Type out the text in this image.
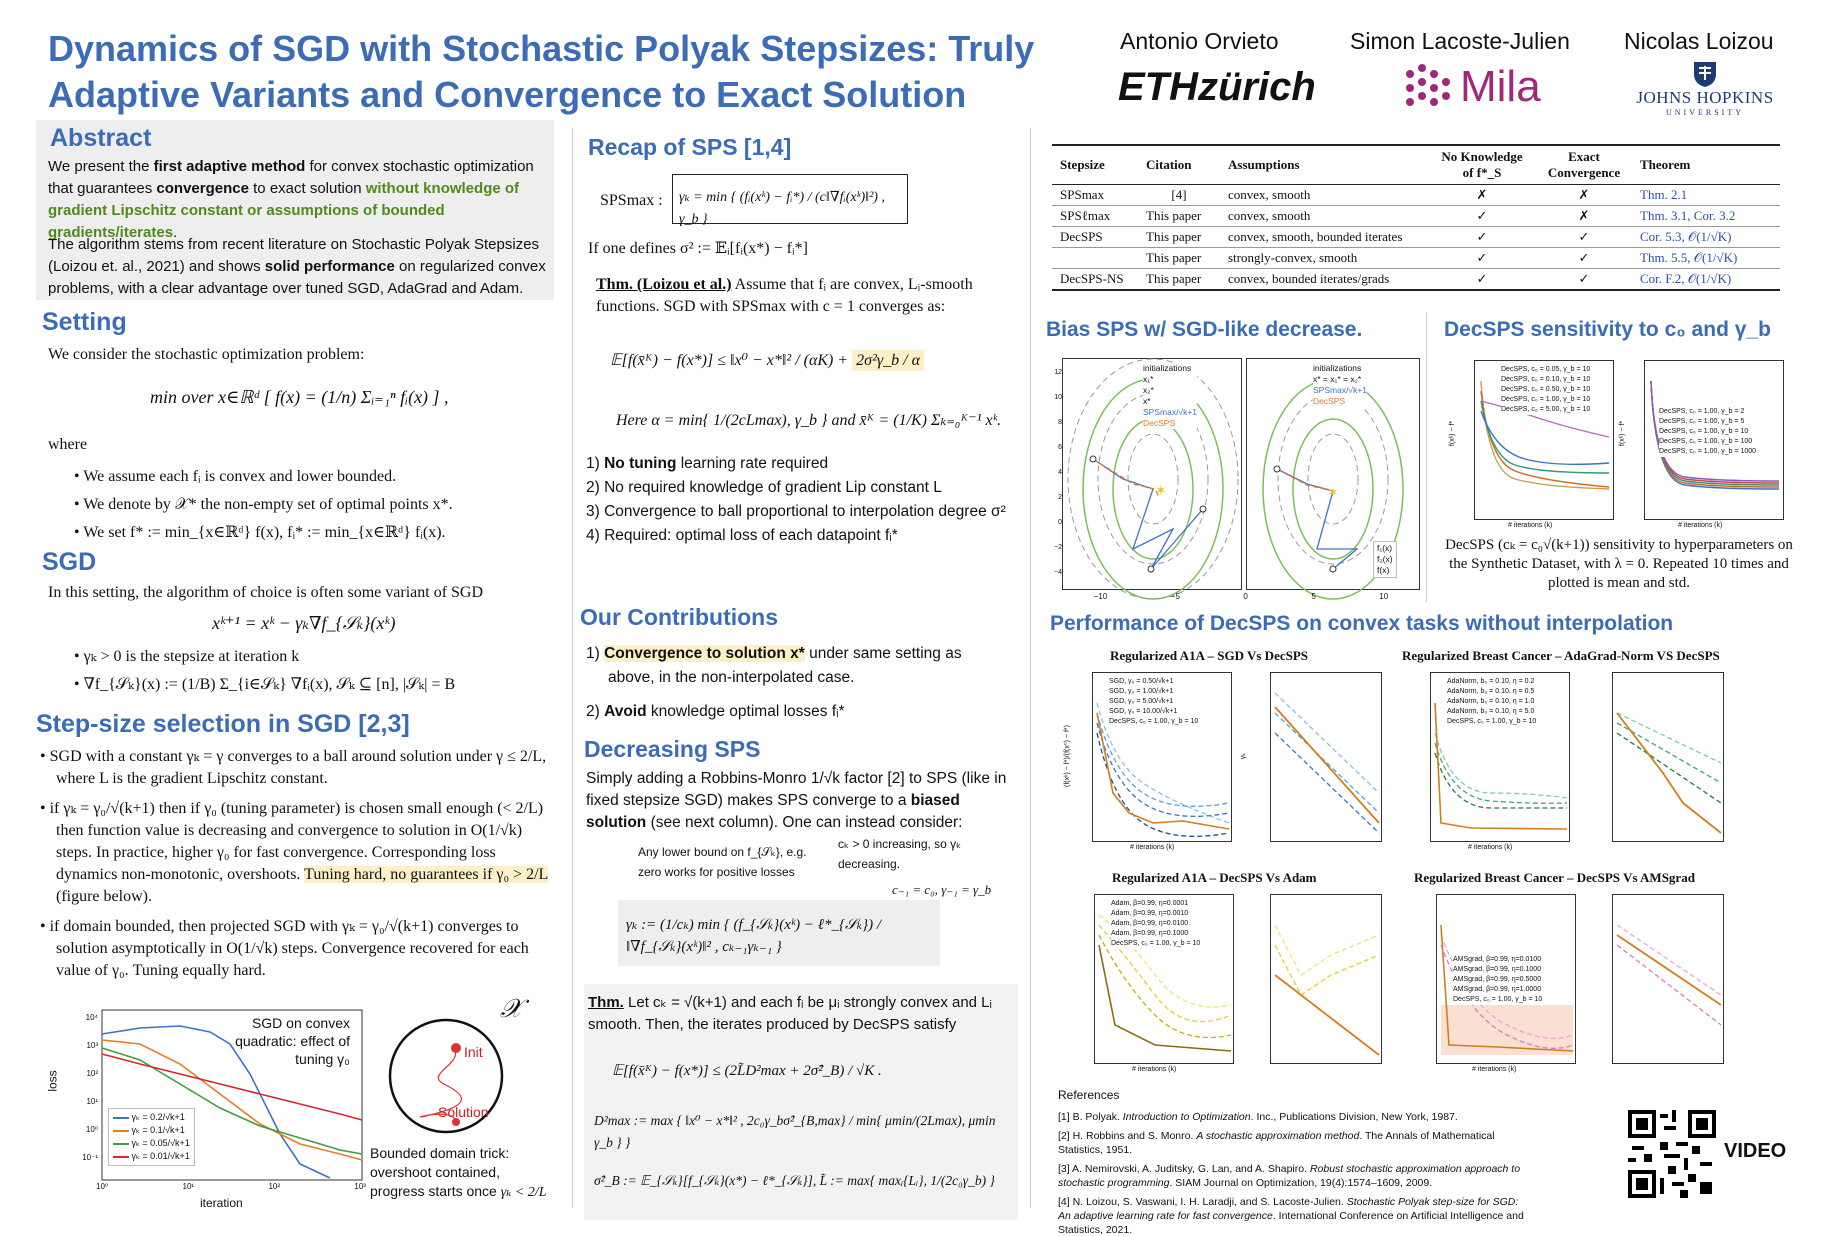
Dynamics of SGD with Stochastic Polyak Stepsizes: Truly
Adaptive Variants and Convergence to Exact Solution
Antonio Orvieto	Simon Lacoste-Julien Nicolas Loizou
ETHzürich	Mila	JOHNS HOPKINS
UNIVERSITY
Abstract
We present the first adaptive method for convex stochastic optimization that guarantees convergence to exact solution without knowledge of gradient Lipschitz constant or assumptions of bounded gradients/iterates.
The algorithm stems from recent literature on Stochastic Polyak Stepsizes (Loizou et. al., 2021) and shows solid performance on regularized convex problems, with a clear advantage over tuned SGD, AdaGrad and Adam.
Setting
We consider the stochastic optimization problem:
min over x∈ℝᵈ [ f(x) = (1/n) Σᵢ₌₁ⁿ fᵢ(x) ] ,
where
• We assume each fᵢ is convex and lower bounded.
• We denote by 𝒳* the non-empty set of optimal points x*.
• We set f* := min_{x∈ℝᵈ} f(x), fᵢ* := min_{x∈ℝᵈ} fᵢ(x).
SGD
In this setting, the algorithm of choice is often some variant of SGD
xᵏ⁺¹ = xᵏ − γₖ∇f_{𝒮ₖ}(xᵏ)
• γₖ > 0 is the stepsize at iteration k
• ∇f_{𝒮ₖ}(x) := (1/B) Σ_{i∈𝒮ₖ} ∇fᵢ(x), 𝒮ₖ ⊆ [n], |𝒮ₖ| = B
Step-size selection in SGD [2,3]
• SGD with a constant γₖ = γ converges to a ball around solution under γ ≤ 2/L, where L is the gradient Lipschitz constant.
• if γₖ = γ₀/√(k+1) then if γ₀ (tuning parameter) is chosen small enough (< 2/L) then function value is decreasing and convergence to solution in O(1/√k) steps. In practice, higher γ₀ for fast convergence. Corresponding loss dynamics non-monotonic, overshoots. Tuning hard, no guarantees if γ₀ > 2/L (figure below).
• if domain bounded, then projected SGD with γₖ = γ₀/√(k+1) converges to solution asymptotically in O(1/√k) steps. Convergence recovered for each value of γ₀. Tuning equally hard.
loss
iteration
10⁴
10³
10²
10¹
10⁰
10⁻¹
10⁰	10¹	10²	10³
SGD on convex quadratic: effect of tuning γ₀
γₖ = 0.2/√k+1
γₖ = 0.1/√k+1
γₖ = 0.05/√k+1
γₖ = 0.01/√k+1
𝒳
Init
Solution
Bounded domain trick: overshoot contained, progress starts once γₖ < 2/L
Recap of SPS [1,4]
SPSmax :	γₖ = min { (fᵢ(xᵏ) − fᵢ*) / (c‖∇fᵢ(xᵏ)‖²) , γ_b }
If one defines σ² := 𝔼ᵢ[fᵢ(x*) − fᵢ*]
Thm. (Loizou et al.) Assume that fᵢ are convex, Lᵢ-smooth functions. SGD with SPSmax with c = 1 converges as:
𝔼[f(x̄ᴷ) − f(x*)] ≤ ‖x⁰ − x*‖² / (αK) + 2σ²γ_b / α
Here α = min{ 1/(2cLmax), γ_b } and x̄ᴷ = (1/K) Σₖ₌₀ᴷ⁻¹ xᵏ.
1) No tuning learning rate required
2) No required knowledge of gradient Lip constant L
3) Convergence to ball proportional to interpolation degree σ²
4) Required: optimal loss of each datapoint fᵢ*
Our Contributions
1) Convergence to solution x* under same setting as above, in the non-interpolated case.
2) Avoid knowledge optimal losses fᵢ*
Decreasing SPS
Simply adding a Robbins-Monro 1/√k factor [2] to SPS (like in fixed stepsize SGD) makes SPS converge to a biased solution (see next column). One can instead consider:
Any lower bound on f_{𝒮ₖ}, e.g. zero works for positive losses
cₖ > 0 increasing, so γₖ decreasing.
c₋₁ = c₀, γ₋₁ = γ_b
γₖ := (1/cₖ) min { (f_{𝒮ₖ}(xᵏ) − ℓ*_{𝒮ₖ}) / ‖∇f_{𝒮ₖ}(xᵏ)‖² , cₖ₋₁γₖ₋₁ }
Thm. Let cₖ = √(k+1) and each fᵢ be μᵢ strongly convex and Lᵢ smooth. Then, the iterates produced by DecSPS satisfy
𝔼[f(x̄ᴷ) − f(x*)] ≤ (2L̃D²max + 2σ̂²_B) / √K .
D²max := max { ‖x⁰ − x*‖² , 2c₀γ_bσ̂²_{B,max} / min{ μmin/(2Lmax), μmin γ_b } }
σ̂²_B := 𝔼_{𝒮ₖ}[f_{𝒮ₖ}(x*) − ℓ*_{𝒮ₖ}], L̃ := max{ maxᵢ{Lᵢ}, 1/(2c₀γ_b) }
Stepsize	Citation	Assumptions	No Knowledge of f*_S	Exact Convergence	Theorem
SPSmax	[4]	convex, smooth	✗	✗	Thm. 2.1
SPSℓmax	This paper	convex, smooth	✓	✗	Thm. 3.1, Cor. 3.2
DecSPS	This paper	convex, smooth, bounded iterates	✓	✓	Cor. 5.3, 𝒪(1/√K)
	This paper	strongly-convex, smooth	✓	✓	Thm. 5.5, 𝒪(1/√K)
DecSPS-NS	This paper	convex, bounded iterates/grads	✓	✓	Cor. F.2, 𝒪(1/√K)
Bias SPS w/ SGD-like decrease.
✶
initializations
x₁*
x₂*
x*
SPSmax/√k+1
DecSPS
✶
initializations
x* = x₁* = x₂*
SPSmax/√k+1
DecSPS
f₁(x)
f₂(x)
f(x)
−10	−5	0	5	10
12
10
8
6
4
2
0
−2
−4
DecSPS sensitivity to c₀ and γ_b
DecSPS, c₀ = 0.05, γ_b = 10
DecSPS, c₀ = 0.10, γ_b = 10
DecSPS, c₀ = 0.50, γ_b = 10
DecSPS, c₀ = 1.00, γ_b = 10
DecSPS, c₀ = 5.00, γ_b = 10	DecSPS, c₀ = 1.00, γ_b = 2
DecSPS, c₀ = 1.00, γ_b = 5
DecSPS, c₀ = 1.00, γ_b = 10
DecSPS, c₀ = 1.00, γ_b = 100
DecSPS, c₀ = 1.00, γ_b = 1000
# iterations (k)	# iterations (k)
f(xᵏ) − f*	f(xᵏ) − f*
DecSPS (cₖ = c₀√(k+1)) sensitivity to hyperparameters on the Synthetic Dataset, with λ = 0. Repeated 10 times and plotted is mean and std.
Performance of DecSPS on convex tasks without interpolation
Regularized A1A – SGD Vs DecSPS	Regularized Breast Cancer – AdaGrad-Norm VS DecSPS
Regularized A1A – DecSPS Vs Adam	Regularized Breast Cancer – DecSPS Vs AMSgrad
SGD, γ₀ = 0.50/√k+1
SGD, γ₀ = 1.00/√k+1
SGD, γ₀ = 5.00/√k+1
SGD, γ₀ = 10.00/√k+1
DecSPS, c₀ = 1.00, γ_b = 10
AdaNorm, b₀ = 0.10, η = 0.2
AdaNorm, b₀ = 0.10, η = 0.5
AdaNorm, b₀ = 0.10, η = 1.0
AdaNorm, b₀ = 0.10, η = 5.0
DecSPS, c₀ = 1.00, γ_b = 10
Adam, β=0.99, η=0.0001
Adam, β=0.99, η=0.0010
Adam, β=0.99, η=0.0100
Adam, β=0.99, η=0.1000
DecSPS, c₀ = 1.00, γ_b = 10
AMSgrad, β=0.99, η=0.0100
AMSgrad, β=0.99, η=0.1000
AMSgrad, β=0.99, η=0.5000
AMSgrad, β=0.99, η=1.0000
DecSPS, c₀ = 1.00, γ_b = 10
# iterations (k)	# iterations (k)
# iterations (k)	# iterations (k)
γₖ
(f(xᵏ) − f*)/(f(x⁰) − f*)
References
[1] B. Polyak. Introduction to Optimization. Inc., Publications Division, New York, 1987.
[2] H. Robbins and S. Monro. A stochastic approximation method. The Annals of Mathematical Statistics, 1951.
[3] A. Nemirovski, A. Juditsky, G. Lan, and A. Shapiro. Robust stochastic approximation approach to stochastic programming. SIAM Journal on Optimization, 19(4):1574–1609, 2009.
[4] N. Loizou, S. Vaswani, I. H. Laradji, and S. Lacoste-Julien. Stochastic Polyak step-size for SGD: An adaptive learning rate for fast convergence. International Conference on Artificial Intelligence and Statistics, 2021.
VIDEO
